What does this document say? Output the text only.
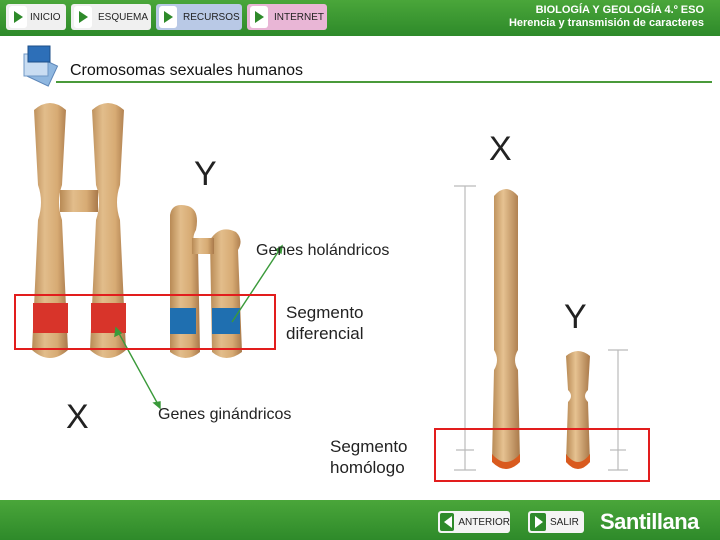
INICIO	ESQUEMA	RECURSOS	INTERNET
BIOLOGÍA Y GEOLOGÍA 4.º ESO
Herencia y transmisión de caracteres
Cromosomas sexuales humanos
Y
X
Genes holándricos
Genes ginándricos
Segmento
diferencial
X
Y
Segmento
homólogo
ANTERIOR	SALIR Santillana
